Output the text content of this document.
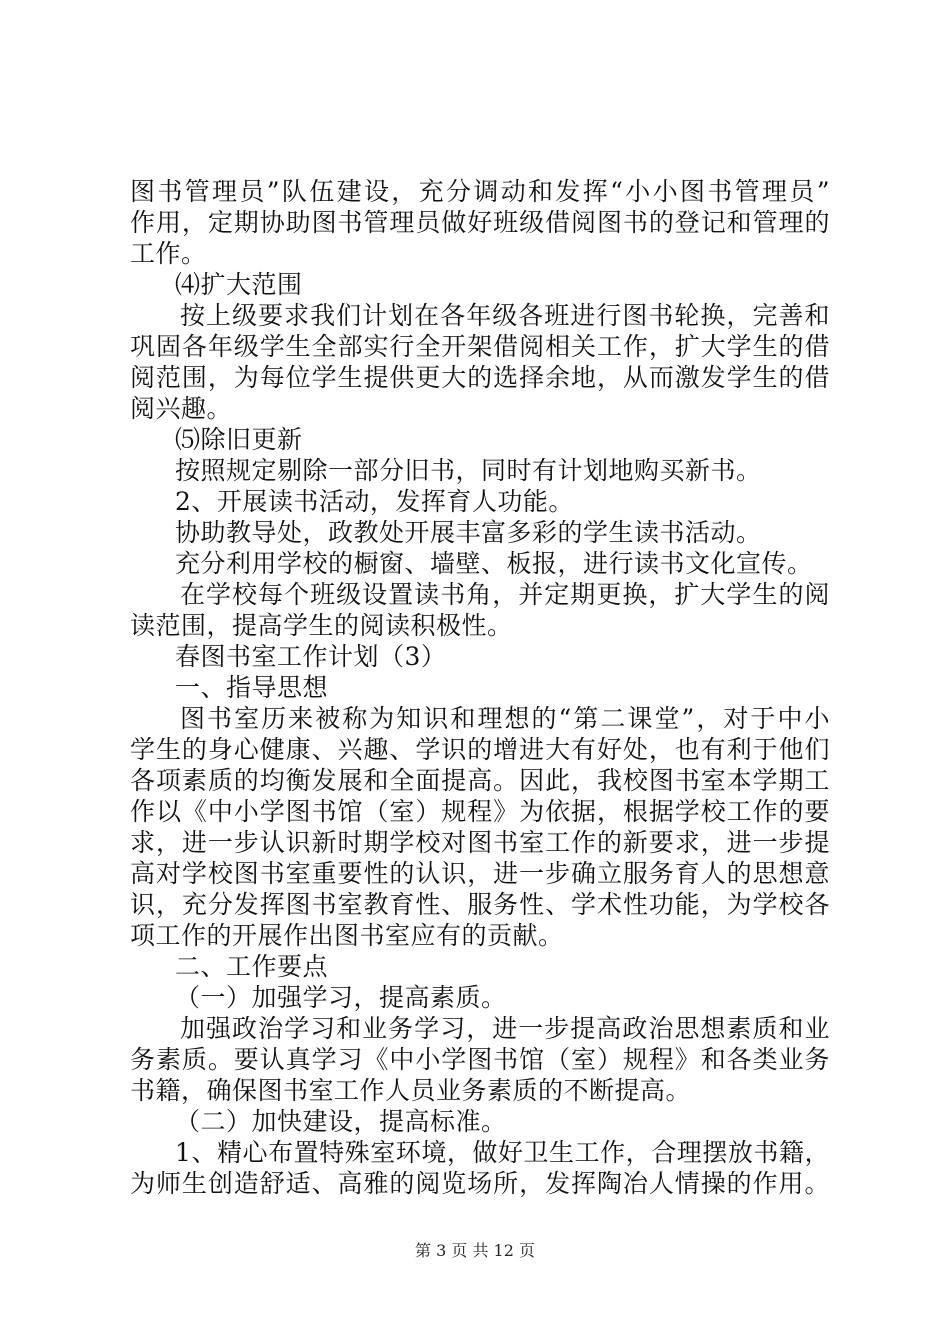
图书管理员”队伍建设，充分调动和发挥“小小图书管理员”
作用，定期协助图书管理员做好班级借阅图书的登记和管理的
工作。
⑷扩大范围
按上级要求我们计划在各年级各班进行图书轮换，完善和
巩固各年级学生全部实行全开架借阅相关工作，扩大学生的借
阅范围，为每位学生提供更大的选择余地，从而激发学生的借
阅兴趣。
⑸除旧更新
按照规定剔除一部分旧书，同时有计划地购买新书。
2、开展读书活动，发挥育人功能。
协助教导处，政教处开展丰富多彩的学生读书活动。
充分利用学校的橱窗、墙壁、板报，进行读书文化宣传。
在学校每个班级设置读书角，并定期更换，扩大学生的阅
读范围，提高学生的阅读积极性。
春图书室工作计划（3）
一、指导思想
图书室历来被称为知识和理想的“第二课堂”，对于中小
学生的身心健康、兴趣、学识的增进大有好处，也有利于他们
各项素质的均衡发展和全面提高。因此，我校图书室本学期工
作以《中小学图书馆（室）规程》为依据，根据学校工作的要
求，进一步认识新时期学校对图书室工作的新要求，进一步提
高对学校图书室重要性的认识，进一步确立服务育人的思想意
识，充分发挥图书室教育性、服务性、学术性功能，为学校各
项工作的开展作出图书室应有的贡献。
二、工作要点
（一）加强学习，提高素质。
加强政治学习和业务学习，进一步提高政治思想素质和业
务素质。要认真学习《中小学图书馆（室）规程》和各类业务
书籍，确保图书室工作人员业务素质的不断提高。
（二）加快建设，提高标准。
1、精心布置特殊室环境，做好卫生工作，合理摆放书籍，
为师生创造舒适、高雅的阅览场所，发挥陶冶人情操的作用。
第 3 页 共 12 页
